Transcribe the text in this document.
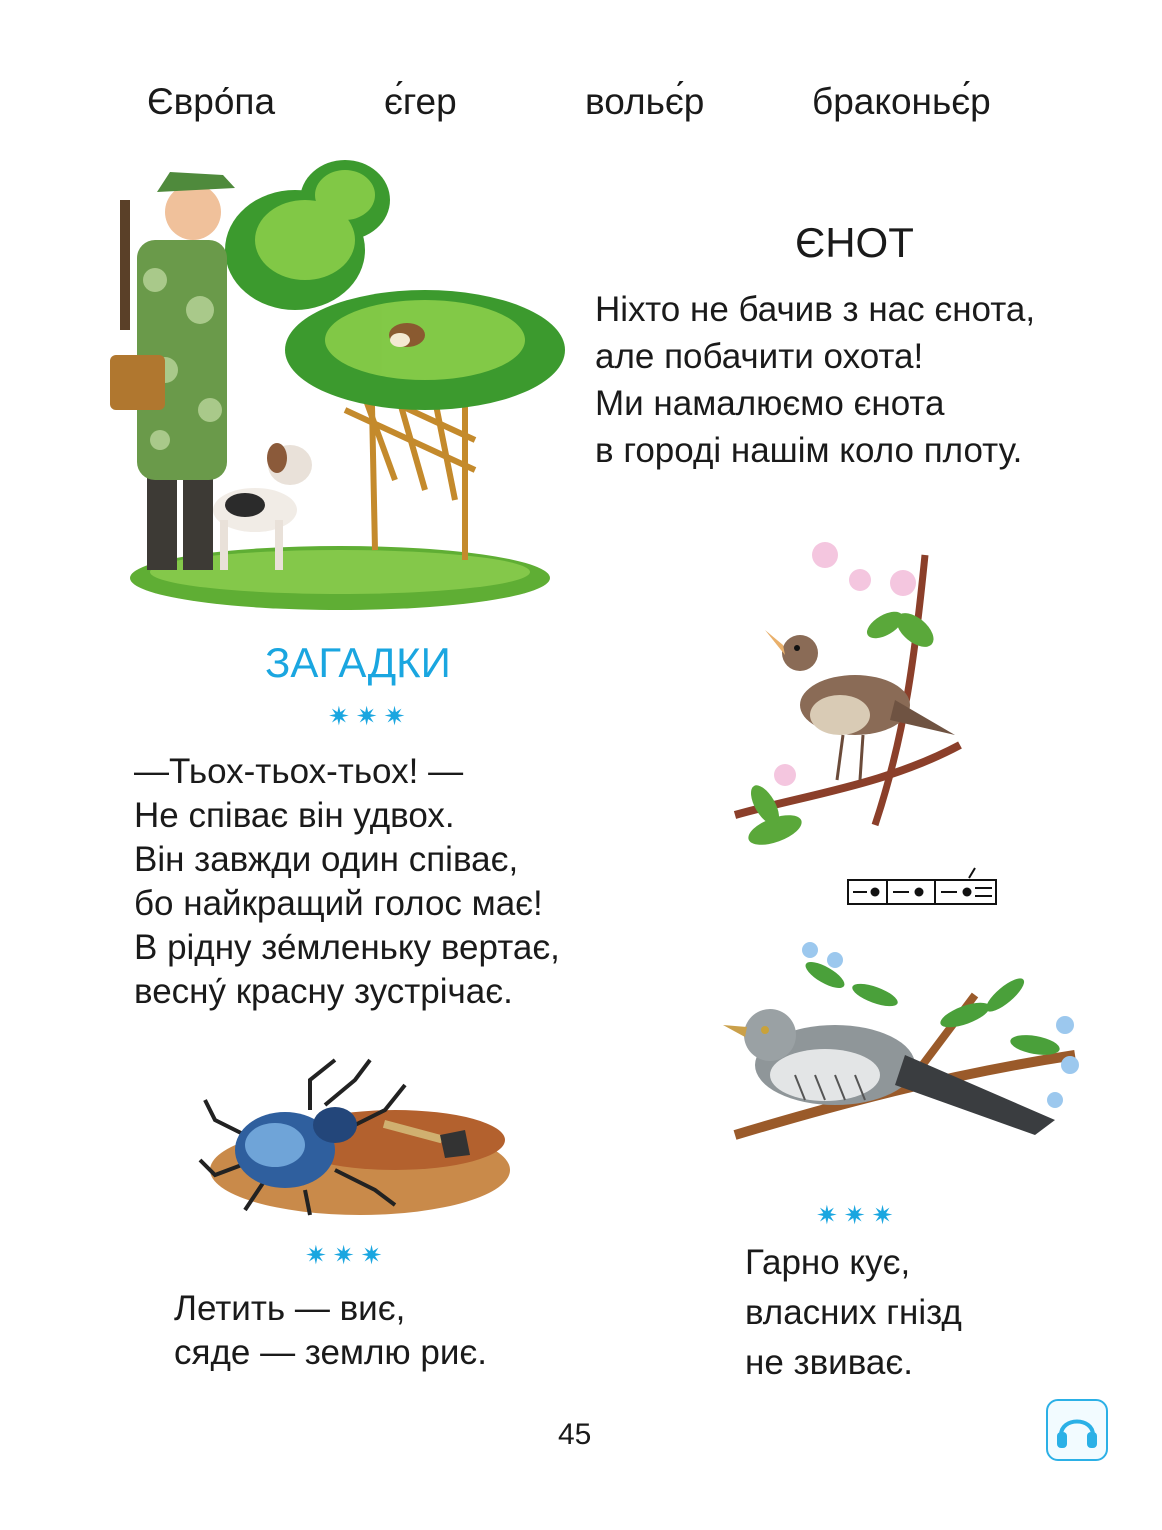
Євро́па	є́гер	вольє́р	браконьє́р
ЄНОТ
Ніхто не бачив з нас єнота,
але побачити охота!
Ми намалюємо єнота
в городі нашім коло плоту.
ЗАГАДКИ
✷✷✷
—Тьох-тьох-тьох! —
Не співає він удвох.
Він завжди один співає,
бо найкращий голос має!
В рідну зе́мленьку вертає,
весну́ красну зустрічає.
✷✷✷
Летить — виє,
сяде — землю риє.
✷✷✷
Гарно кує,
власних гнізд
не звиває.
45
